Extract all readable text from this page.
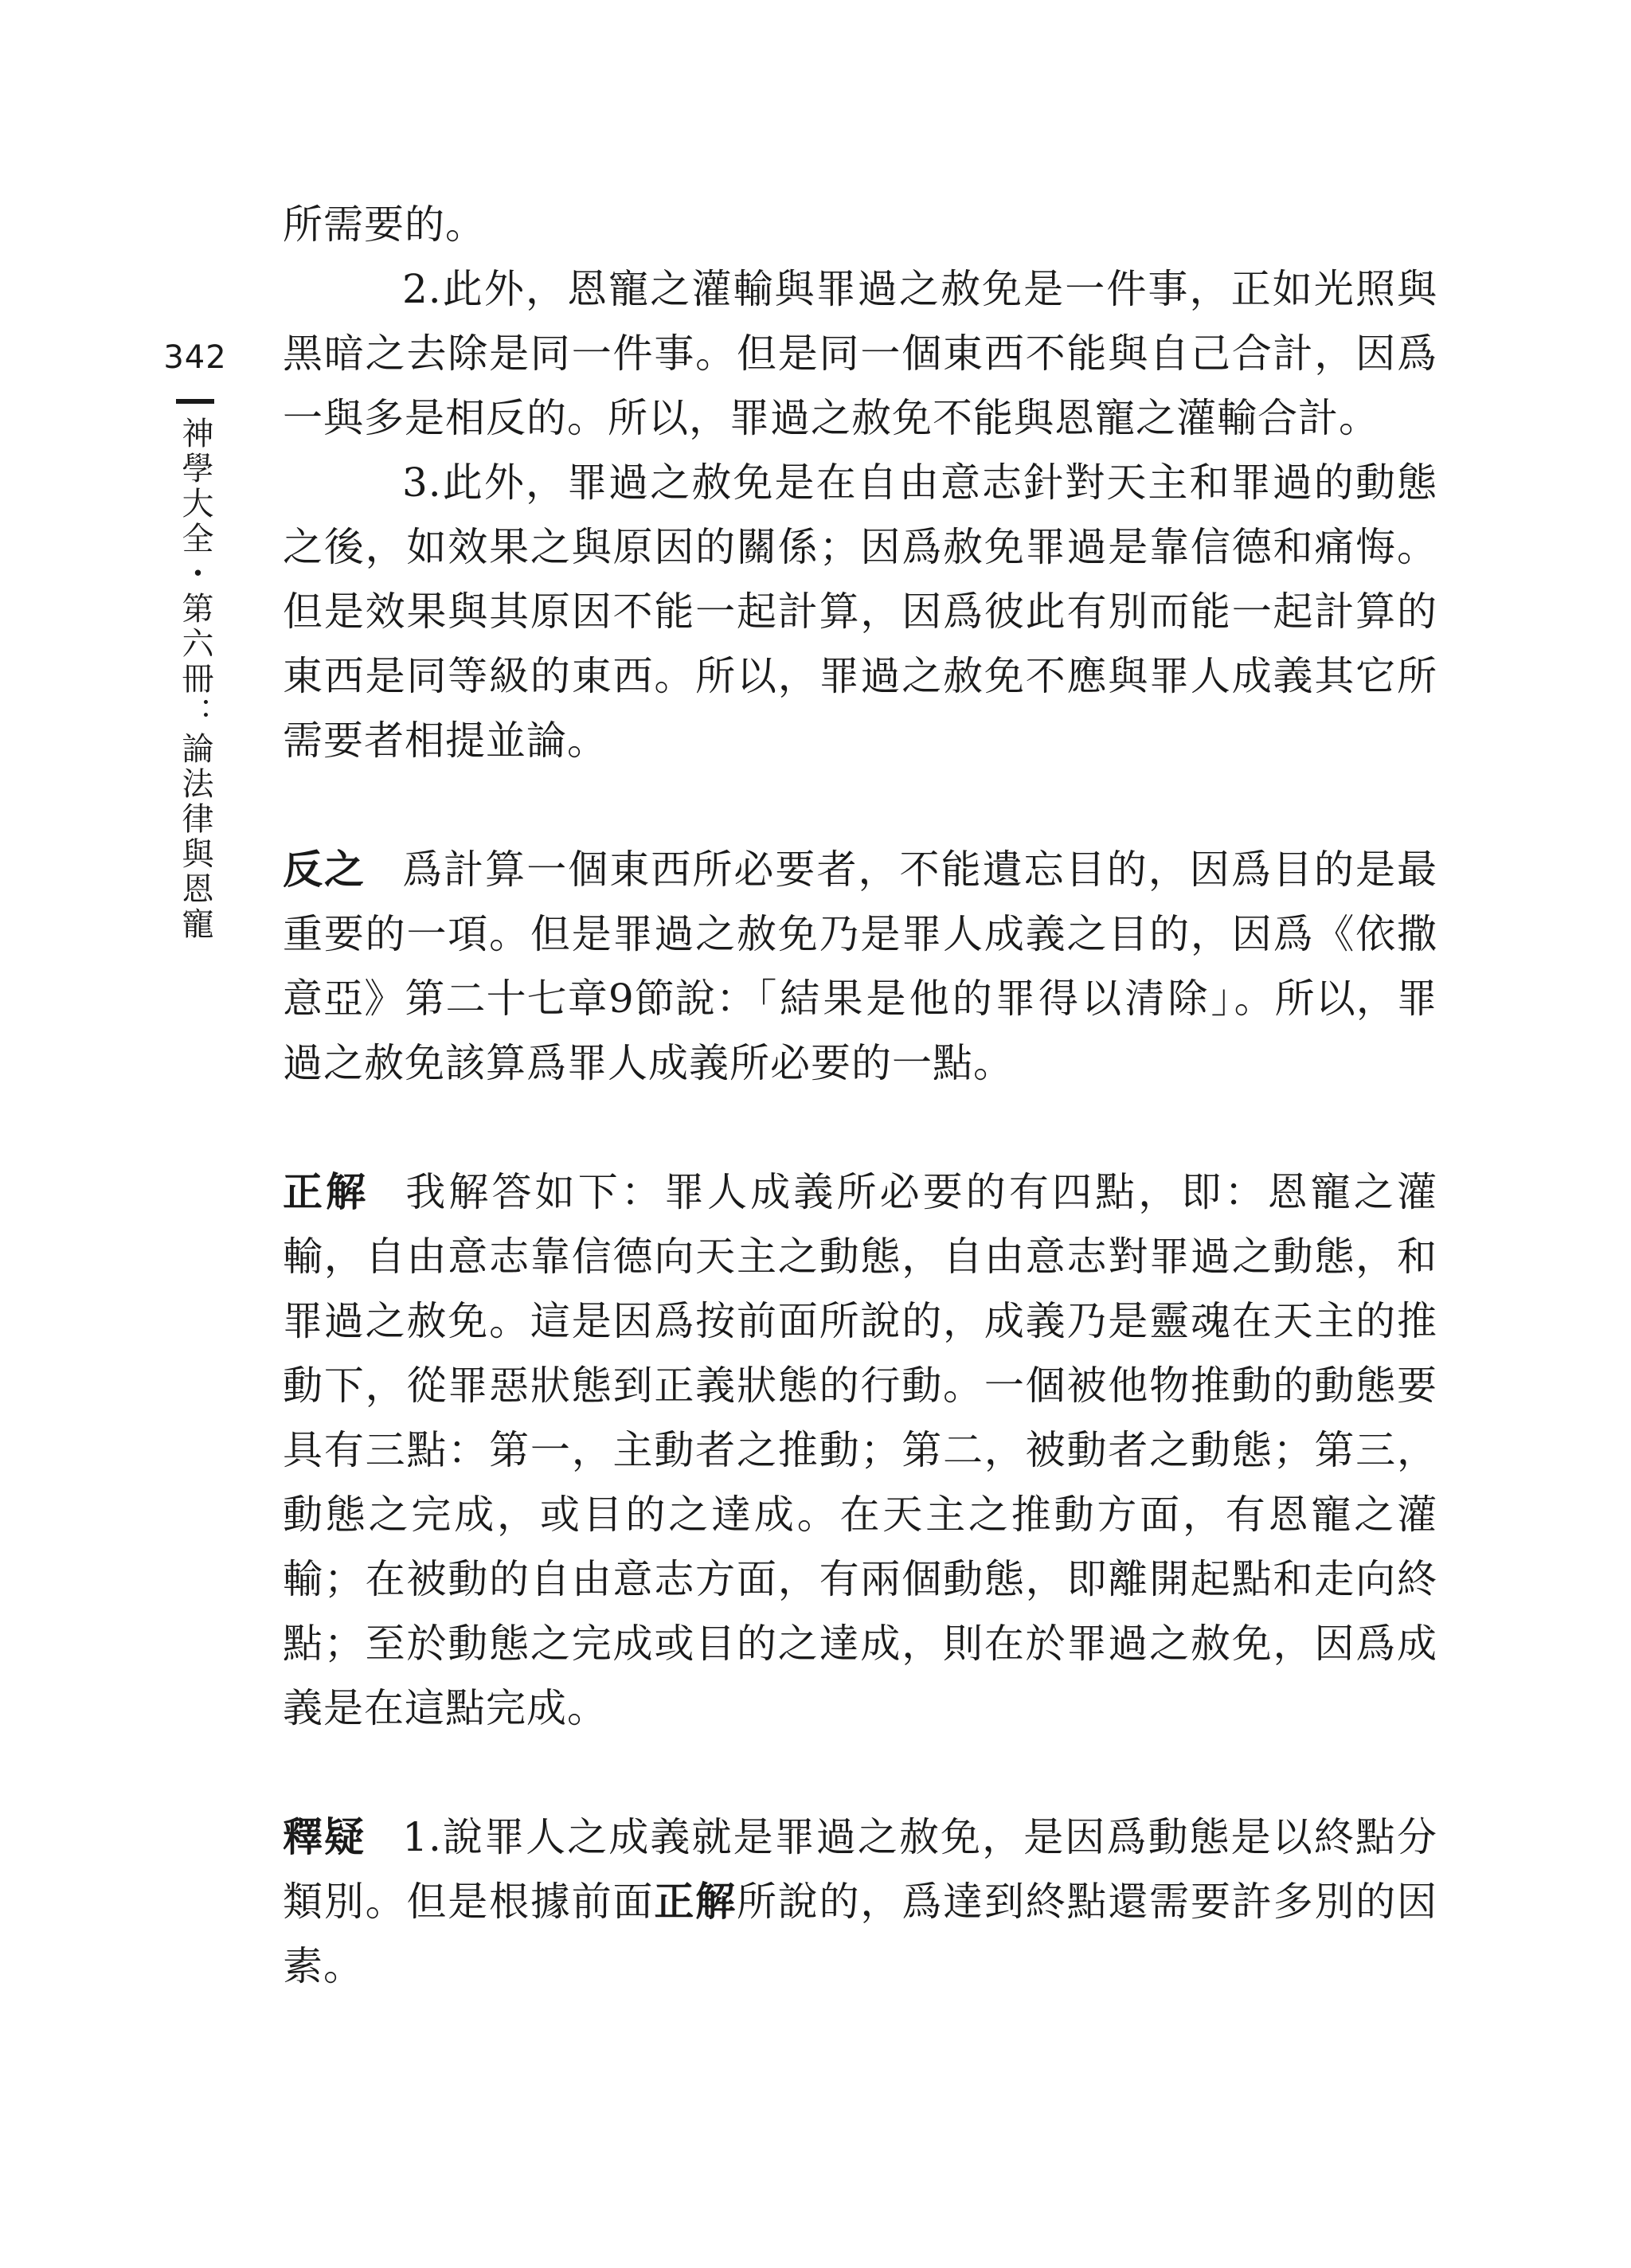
342
神學大全・第六冊：論法律與恩寵

所需要的。

2.此外，恩寵之灌輸與罪過之赦免是一件事，正如光照與黑暗之去除是同一件事。但是同一個東西不能與自己合計，因爲一與多是相反的。所以，罪過之赦免不能與恩寵之灌輸合計。

3.此外，罪過之赦免是在自由意志針對天主和罪過的動態之後，如效果之與原因的關係；因爲赦免罪過是靠信德和痛悔。但是效果與其原因不能一起計算，因爲彼此有別而能一起計算的東西是同等級的東西。所以，罪過之赦免不應與罪人成義其它所需要者相提並論。

反之 爲計算一個東西所必要者，不能遺忘目的，因爲目的是最重要的一項。但是罪過之赦免乃是罪人成義之目的，因爲《依撒意亞》第二十七章9節說：「結果是他的罪得以清除」。所以，罪過之赦免該算爲罪人成義所必要的一點。

正解 我解答如下：罪人成義所必要的有四點，即：恩寵之灌輸，自由意志靠信德向天主之動態，自由意志對罪過之動態，和罪過之赦免。這是因爲按前面所說的，成義乃是靈魂在天主的推動下，從罪惡狀態到正義狀態的行動。一個被他物推動的動態要具有三點：第一，主動者之推動；第二，被動者之動態；第三，動態之完成，或目的之達成。在天主之推動方面，有恩寵之灌輸；在被動的自由意志方面，有兩個動態，即離開起點和走向終點；至於動態之完成或目的之達成，則在於罪過之赦免，因爲成義是在這點完成。

釋疑 1.說罪人之成義就是罪過之赦免，是因爲動態是以終點分類別。但是根據前面正解所說的，爲達到終點還需要許多別的因素。
